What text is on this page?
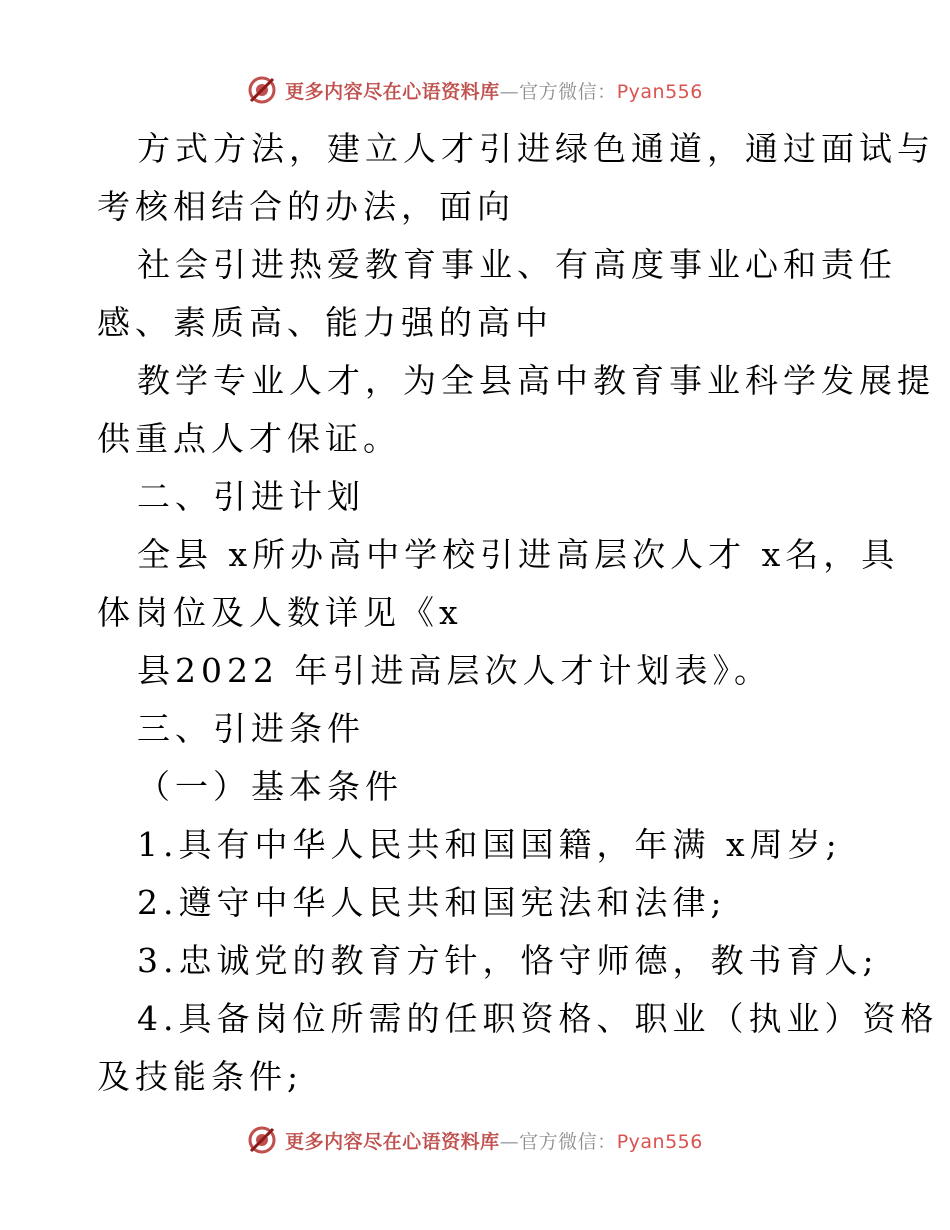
更多内容尽在心语资料库—官方微信：Pyan556
方式方法，建立人才引进绿色通道，通过面试与
考核相结合的办法，面向
社会引进热爱教育事业、有高度事业心和责任
感、素质高、能力强的高中
教学专业人才，为全县高中教育事业科学发展提
供重点人才保证。
二、引进计划
全县 x所办高中学校引进高层次人才 x名，具
体岗位及人数详见《x
县2022 年引进高层次人才计划表》。
三、引进条件
（一）基本条件
1.具有中华人民共和国国籍，年满 x周岁;
2.遵守中华人民共和国宪法和法律;
3.忠诚党的教育方针，恪守师德，教书育人;
4.具备岗位所需的任职资格、职业（执业）资格
及技能条件;
更多内容尽在心语资料库—官方微信：Pyan556
